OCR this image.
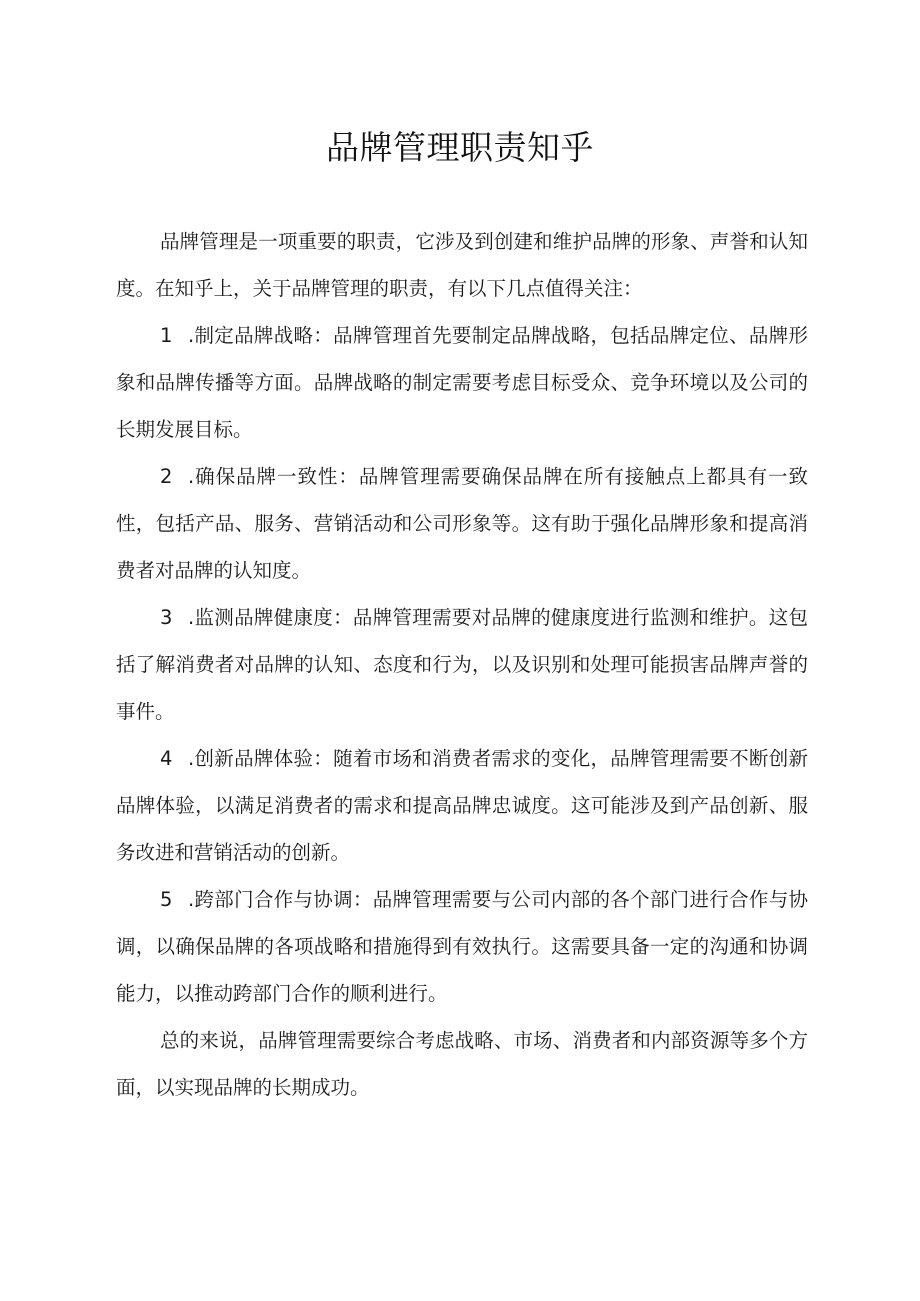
品牌管理职责知乎

品牌管理是一项重要的职责，它涉及到创建和维护品牌的形象、声誉和认知度。在知乎上，关于品牌管理的职责，有以下几点值得关注：

1 .制定品牌战略：品牌管理首先要制定品牌战略，包括品牌定位、品牌形象和品牌传播等方面。品牌战略的制定需要考虑目标受众、竞争环境以及公司的长期发展目标。

2 .确保品牌一致性：品牌管理需要确保品牌在所有接触点上都具有一致性，包括产品、服务、营销活动和公司形象等。这有助于强化品牌形象和提高消费者对品牌的认知度。

3 .监测品牌健康度：品牌管理需要对品牌的健康度进行监测和维护。这包括了解消费者对品牌的认知、态度和行为，以及识别和处理可能损害品牌声誉的事件。

4 .创新品牌体验：随着市场和消费者需求的变化，品牌管理需要不断创新品牌体验，以满足消费者的需求和提高品牌忠诚度。这可能涉及到产品创新、服务改进和营销活动的创新。

5 .跨部门合作与协调：品牌管理需要与公司内部的各个部门进行合作与协调，以确保品牌的各项战略和措施得到有效执行。这需要具备一定的沟通和协调能力，以推动跨部门合作的顺利进行。

总的来说，品牌管理需要综合考虑战略、市场、消费者和内部资源等多个方面，以实现品牌的长期成功。
